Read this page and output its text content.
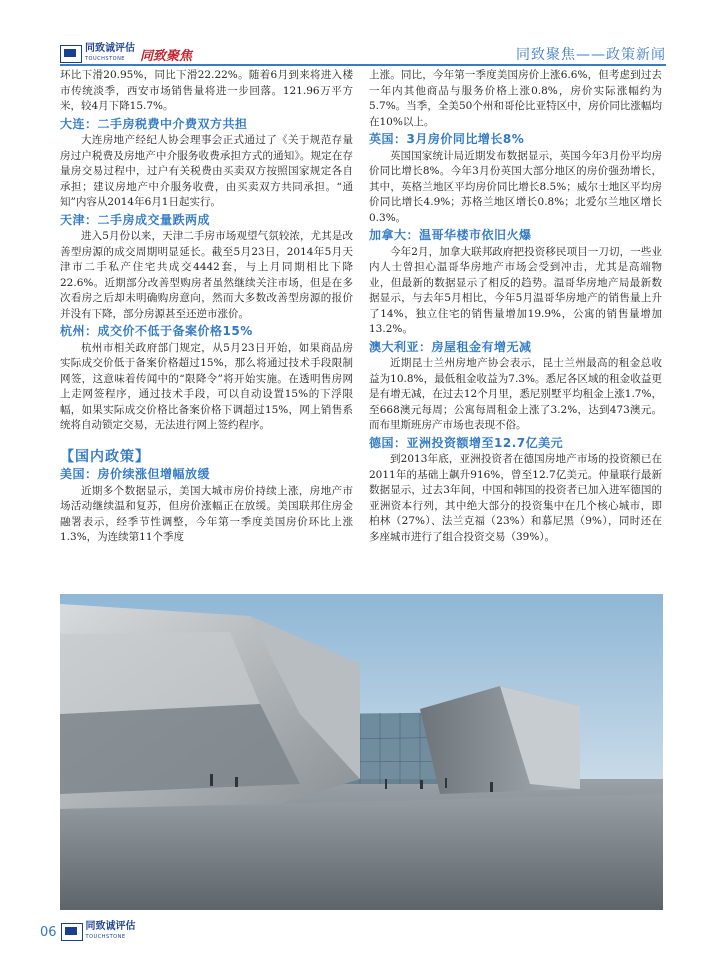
同致诚评估
TOUCHSTONE	同致聚焦	同致聚焦——政策新闻

环比下滑20.95%，同比下滑22.22%。随着6月到来将进入楼市传统淡季，西安市场销售量将进一步回落。121.96万平方米，较4月下降15.7%。

大连：二手房税费中介费双方共担

大连房地产经纪人协会理事会正式通过了《关于规范存量房过户税费及房地产中介服务收费承担方式的通知》。规定在存量房交易过程中，过户有关税费由买卖双方按照国家规定各自承担；建议房地产中介服务收费，由买卖双方共同承担。“通知”内容从2014年6月1日起实行。

天津：二手房成交量跌两成

进入5月份以来，天津二手房市场观望气氛较浓，尤其是改善型房源的成交周期明显延长。截至5月23日，2014年5月天津市二手私产住宅共成交4442套，与上月同期相比下降22.6%。近期部分改善型购房者虽然继续关注市场，但是在多次看房之后却未明确购房意向，然而大多数改善型房源的报价并没有下降，部分房源甚至还逆市涨价。

杭州：成交价不低于备案价格15%

杭州市相关政府部门规定，从5月23日开始，如果商品房实际成交价低于备案价格超过15%，那么将通过技术手段限制网签，这意味着传闻中的“限降令”将开始实施。在透明售房网上走网签程序，通过技术手段，可以自动设置15%的下浮限幅，如果实际成交价格比备案价格下调超过15%，网上销售系统将自动锁定交易，无法进行网上签约程序。

【国内政策】
美国：房价续涨但增幅放缓

近期多个数据显示，美国大城市房价持续上涨，房地产市场活动继续温和复苏，但房价涨幅正在放缓。美国联邦住房金融署表示，经季节性调整，今年第一季度美国房价环比上涨1.3%，为连续第11个季度

上涨。同比，今年第一季度美国房价上涨6.6%，但考虑到过去一年内其他商品与服务价格上涨0.8%，房价实际涨幅约为5.7%。当季，全美50个州和哥伦比亚特区中，房价同比涨幅均在10%以上。

英国：3月房价同比增长8%

英国国家统计局近期发布数据显示，英国今年3月份平均房价同比增长8%。今年3月份英国大部分地区的房价强劲增长，其中，英格兰地区平均房价同比增长8.5%；威尔士地区平均房价同比增长4.9%；苏格兰地区增长0.8%；北爱尔兰地区增长0.3%。

加拿大：温哥华楼市依旧火爆

今年2月，加拿大联邦政府把投资移民项目一刀切，一些业内人士曾担心温哥华房地产市场会受到冲击，尤其是高端物业，但最新的数据显示了相反的趋势。温哥华房地产局最新数据显示，与去年5月相比，今年5月温哥华房地产的销售量上升了14%，独立住宅的销售量增加19.9%，公寓的销售量增加13.2%。

澳大利亚：房屋租金有增无减

近期昆士兰州房地产协会表示，昆士兰州最高的租金总收益为10.8%，最低租金收益为7.3%。悉尼各区域的租金收益更是有增无减，在过去12个月里，悉尼别墅平均租金上涨1.7%，至668澳元每周；公寓每周租金上涨了3.2%，达到473澳元。而布里斯班房产市场也表现不俗。

德国：亚洲投资额增至12.7亿美元

到2013年底，亚洲投资者在德国房地产市场的投资额已在2011年的基础上飙升916%，曾至12.7亿美元。仲量联行最新数据显示，过去3年间，中国和韩国的投资者已加入进军德国的亚洲资本行列，其中绝大部分的投资集中在几个核心城市，即柏林（27%）、法兰克福（23%）和慕尼黑（9%），同时还在多座城市进行了组合投资交易（39%）。

06	同致诚评估
TOUCHSTONE
